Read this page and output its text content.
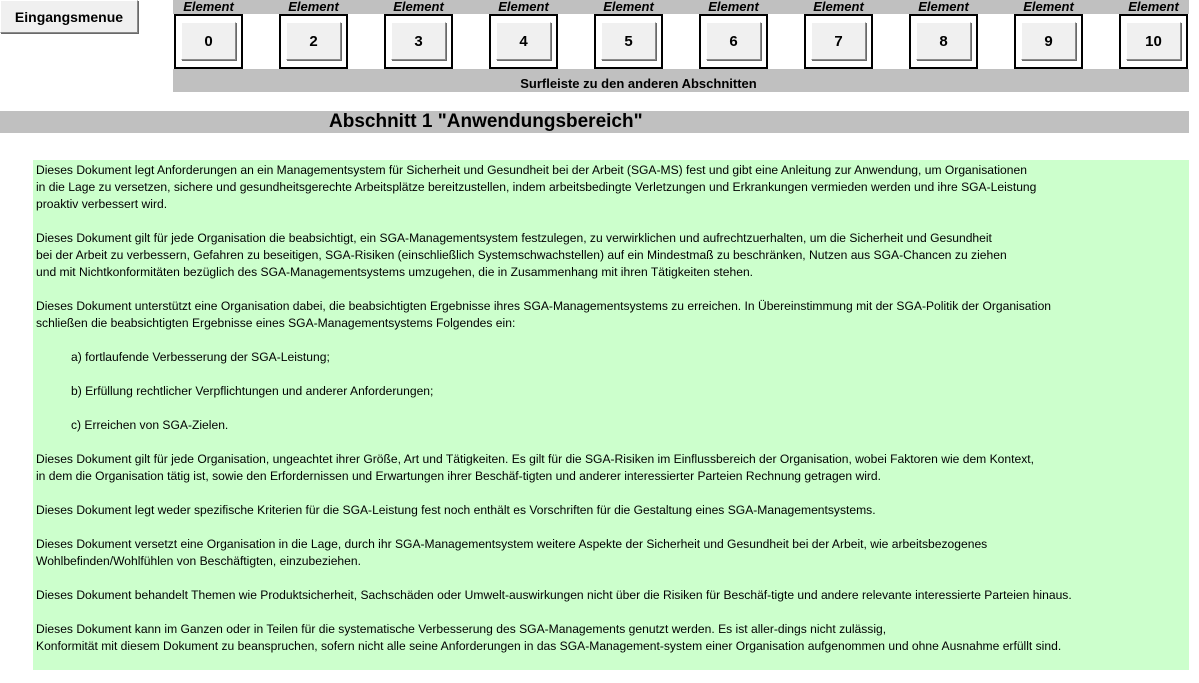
Eingangsmenue
Element
0
Element
2
Element
3
Element
4
Element
5
Element
6
Element
7
Element
8
Element
9
Element
10
Surfleiste zu den anderen Abschnitten
Abschnitt 1 "Anwendungsbereich"
Dieses Dokument legt Anforderungen an ein Managementsystem für Sicherheit und Gesundheit bei der Arbeit (SGA-MS) fest und gibt eine Anleitung zur Anwendung, um Organisationen
in die Lage zu versetzen, sichere und gesundheitsgerechte Arbeitsplätze bereitzustellen, indem arbeitsbedingte Verletzungen und Erkrankungen vermieden werden und ihre SGA-Leistung
proaktiv verbessert wird.
Dieses Dokument gilt für jede Organisation die beabsichtigt, ein SGA-Managementsystem festzulegen, zu verwirklichen und aufrechtzuerhalten, um die Sicherheit und Gesundheit
bei der Arbeit zu verbessern, Gefahren zu beseitigen, SGA-Risiken (einschließlich Systemschwachstellen) auf ein Mindestmaß zu beschränken, Nutzen aus SGA-Chancen zu ziehen
und mit Nichtkonformitäten bezüglich des SGA-Managementsystems umzugehen, die in Zusammenhang mit ihren Tätigkeiten stehen.
Dieses Dokument unterstützt eine Organisation dabei, die beabsichtigten Ergebnisse ihres SGA-Managementsystems zu erreichen. In Übereinstimmung mit der SGA-Politik der Organisation
schließen die beabsichtigten Ergebnisse eines SGA-Managementsystems Folgendes ein:
a) fortlaufende Verbesserung der SGA-Leistung;
b) Erfüllung rechtlicher Verpflichtungen und anderer Anforderungen;
c) Erreichen von SGA-Zielen.
Dieses Dokument gilt für jede Organisation, ungeachtet ihrer Größe, Art und Tätigkeiten. Es gilt für die SGA-Risiken im Einflussbereich der Organisation, wobei Faktoren wie dem Kontext,
in dem die Organisation tätig ist, sowie den Erfordernissen und Erwartungen ihrer Beschäf-tigten und anderer interessierter Parteien Rechnung getragen wird.
Dieses Dokument legt weder spezifische Kriterien für die SGA-Leistung fest noch enthält es Vorschriften für die Gestaltung eines SGA-Managementsystems.
Dieses Dokument versetzt eine Organisation in die Lage, durch ihr SGA-Managementsystem weitere Aspekte der Sicherheit und Gesundheit bei der Arbeit, wie arbeitsbezogenes
Wohlbefinden/Wohlfühlen von Beschäftigten, einzubeziehen.
Dieses Dokument behandelt Themen wie Produktsicherheit, Sachschäden oder Umwelt-auswirkungen nicht über die Risiken für Beschäf-tigte und andere relevante interessierte Parteien hinaus.
Dieses Dokument kann im Ganzen oder in Teilen für die systematische Verbesserung des SGA-Managements genutzt werden. Es ist aller-dings nicht zulässig,
Konformität mit diesem Dokument zu beanspruchen, sofern nicht alle seine Anforderungen in das SGA-Management-system einer Organisation aufgenommen und ohne Ausnahme erfüllt sind.
